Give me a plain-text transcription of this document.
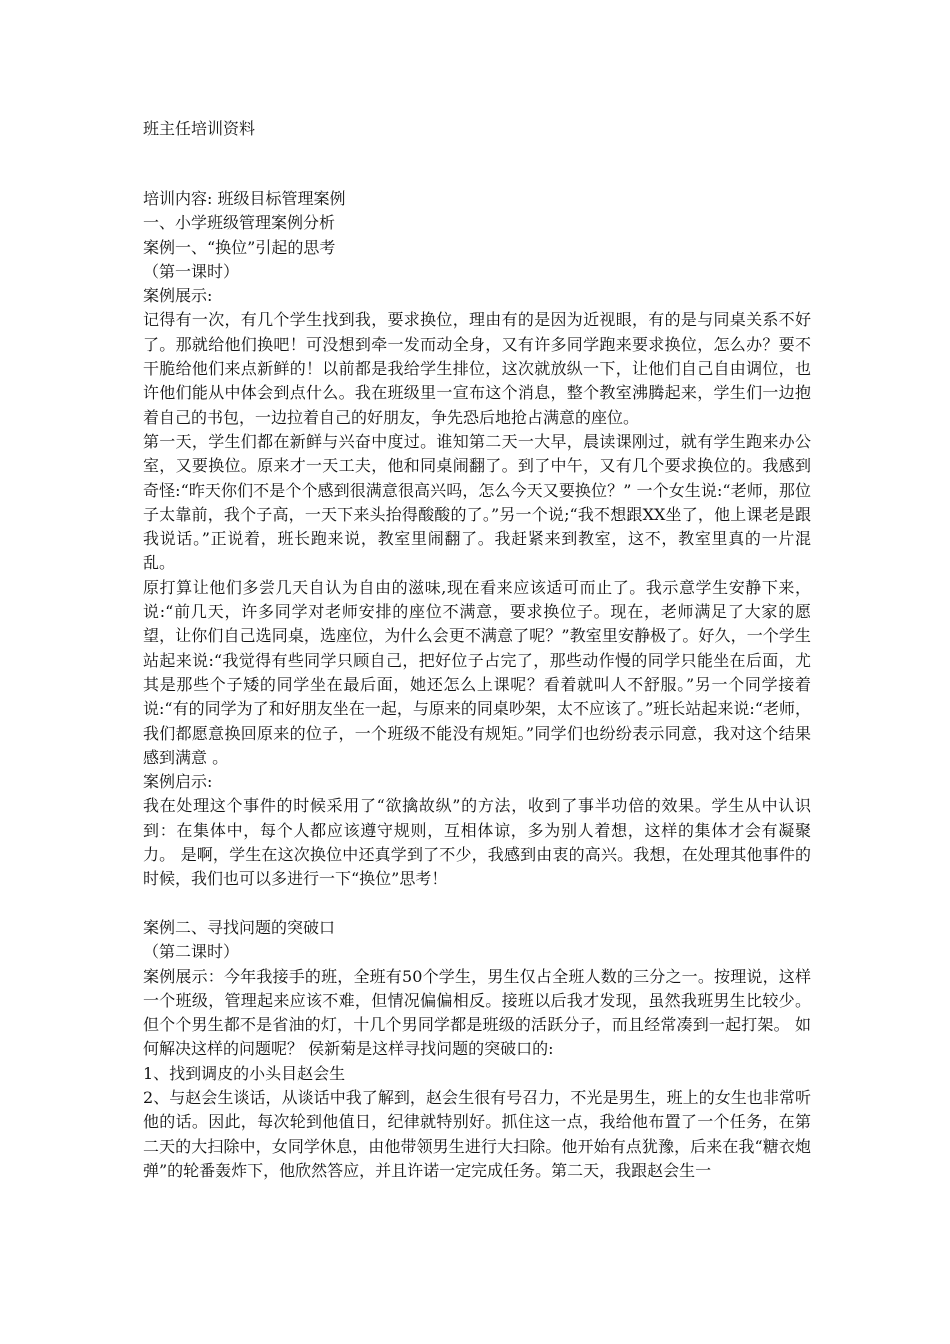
班主任培训资料

培训内容: 班级目标管理案例

一、小学班级管理案例分析

案例一、“换位”引起的思考

（第一课时）

案例展示:

记得有一次，有几个学生找到我，要求换位，理由有的是因为近视眼，有的是与同桌关系不好了。那就给他们换吧！可没想到牵一发而动全身，又有许多同学跑来要求换位，怎么办？要不干脆给他们来点新鲜的！以前都是我给学生排位，这次就放纵一下，让他们自己自由调位，也许他们能从中体会到点什么。我在班级里一宣布这个消息，整个教室沸腾起来，学生们一边抱着自己的书包，一边拉着自己的好朋友，争先恐后地抢占满意的座位。

第一天，学生们都在新鲜与兴奋中度过。谁知第二天一大早，晨读课刚过，就有学生跑来办公室，又要换位。原来才一天工夫，他和同桌闹翻了。到了中午，又有几个要求换位的。我感到奇怪:“昨天你们不是个个感到很满意很高兴吗，怎么今天又要换位？” 一个女生说:“老师，那位子太靠前，我个子高，一天下来头抬得酸酸的了。”另一个说;“我不想跟XX坐了，他上课老是跟我说话。”正说着，班长跑来说，教室里闹翻了。我赶紧来到教室，这不，教室里真的一片混乱。

原打算让他们多尝几天自认为自由的滋味,现在看来应该适可而止了。我示意学生安静下来，说:“前几天，许多同学对老师安排的座位不满意，要求换位子。现在，老师满足了大家的愿望，让你们自己选同桌，选座位，为什么会更不满意了呢？”教室里安静极了。好久，一个学生站起来说:“我觉得有些同学只顾自己，把好位子占完了，那些动作慢的同学只能坐在后面，尤其是那些个子矮的同学坐在最后面，她还怎么上课呢？看着就叫人不舒服。”另一个同学接着说:“有的同学为了和好朋友坐在一起，与原来的同桌吵架，太不应该了。”班长站起来说:“老师，我们都愿意换回原来的位子，一个班级不能没有规矩。”同学们也纷纷表示同意，我对这个结果感到满意 。

案例启示:

我在处理这个事件的时候采用了“欲擒故纵”的方法，收到了事半功倍的效果。学生从中认识到：在集体中，每个人都应该遵守规则，互相体谅，多为别人着想，这样的集体才会有凝聚力。 是啊，学生在这次换位中还真学到了不少，我感到由衷的高兴。我想，在处理其他事件的时候，我们也可以多进行一下“换位”思考！

案例二、寻找问题的突破口

（第二课时）

案例展示：今年我接手的班，全班有50个学生，男生仅占全班人数的三分之一。按理说，这样一个班级，管理起来应该不难，但情况偏偏相反。接班以后我才发现，虽然我班男生比较少。但个个男生都不是省油的灯，十几个男同学都是班级的活跃分子，而且经常凑到一起打架。 如何解决这样的问题呢？ 侯新菊是这样寻找问题的突破口的:

1、找到调皮的小头目赵会生

2、与赵会生谈话，从谈话中我了解到，赵会生很有号召力，不光是男生，班上的女生也非常听他的话。因此，每次轮到他值日，纪律就特别好。抓住这一点，我给他布置了一个任务，在第二天的大扫除中，女同学休息，由他带领男生进行大扫除。他开始有点犹豫，后来在我“糖衣炮弹”的轮番轰炸下，他欣然答应，并且许诺一定完成任务。第二天，我跟赵会生一
